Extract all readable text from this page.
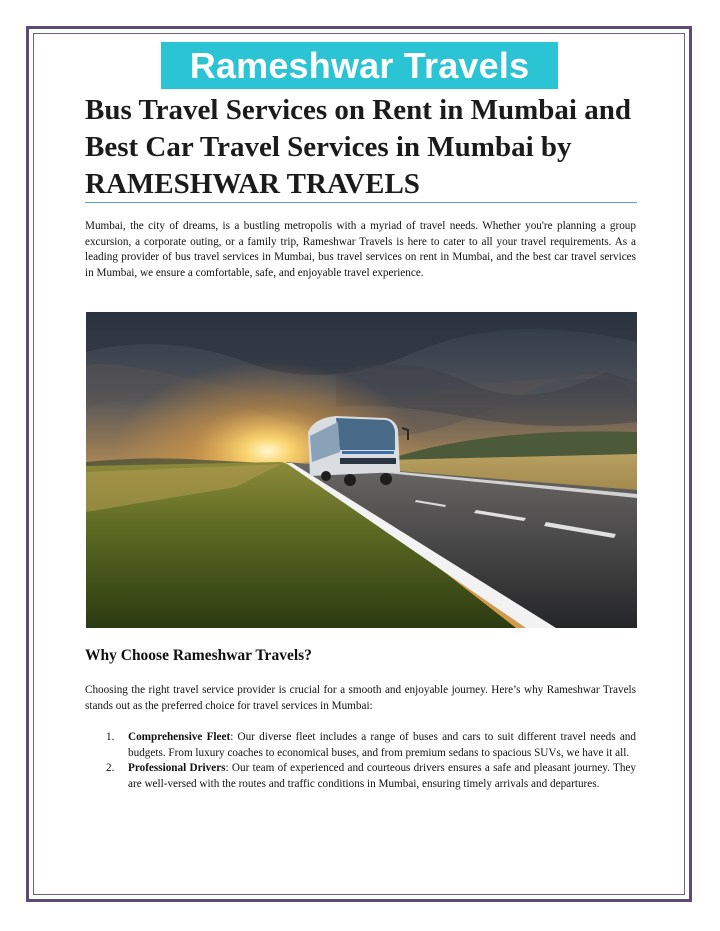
Rameshwar Travels
Bus Travel Services on Rent in Mumbai and Best Car Travel Services in Mumbai by RAMESHWAR TRAVELS

Mumbai, the city of dreams, is a bustling metropolis with a myriad of travel needs. Whether you're planning a group excursion, a corporate outing, or a family trip, Rameshwar Travels is here to cater to all your travel requirements. As a leading provider of bus travel services in Mumbai, bus travel services on rent in Mumbai, and the best car travel services in Mumbai, we ensure a comfortable, safe, and enjoyable travel experience.

Why Choose Rameshwar Travels?

Choosing the right travel service provider is crucial for a smooth and enjoyable journey. Here’s why Rameshwar Travels stands out as the preferred choice for travel services in Mumbai:

1. Comprehensive Fleet: Our diverse fleet includes a range of buses and cars to suit different travel needs and budgets. From luxury coaches to economical buses, and from premium sedans to spacious SUVs, we have it all.
2. Professional Drivers: Our team of experienced and courteous drivers ensures a safe and pleasant journey. They are well-versed with the routes and traffic conditions in Mumbai, ensuring timely arrivals and departures.
